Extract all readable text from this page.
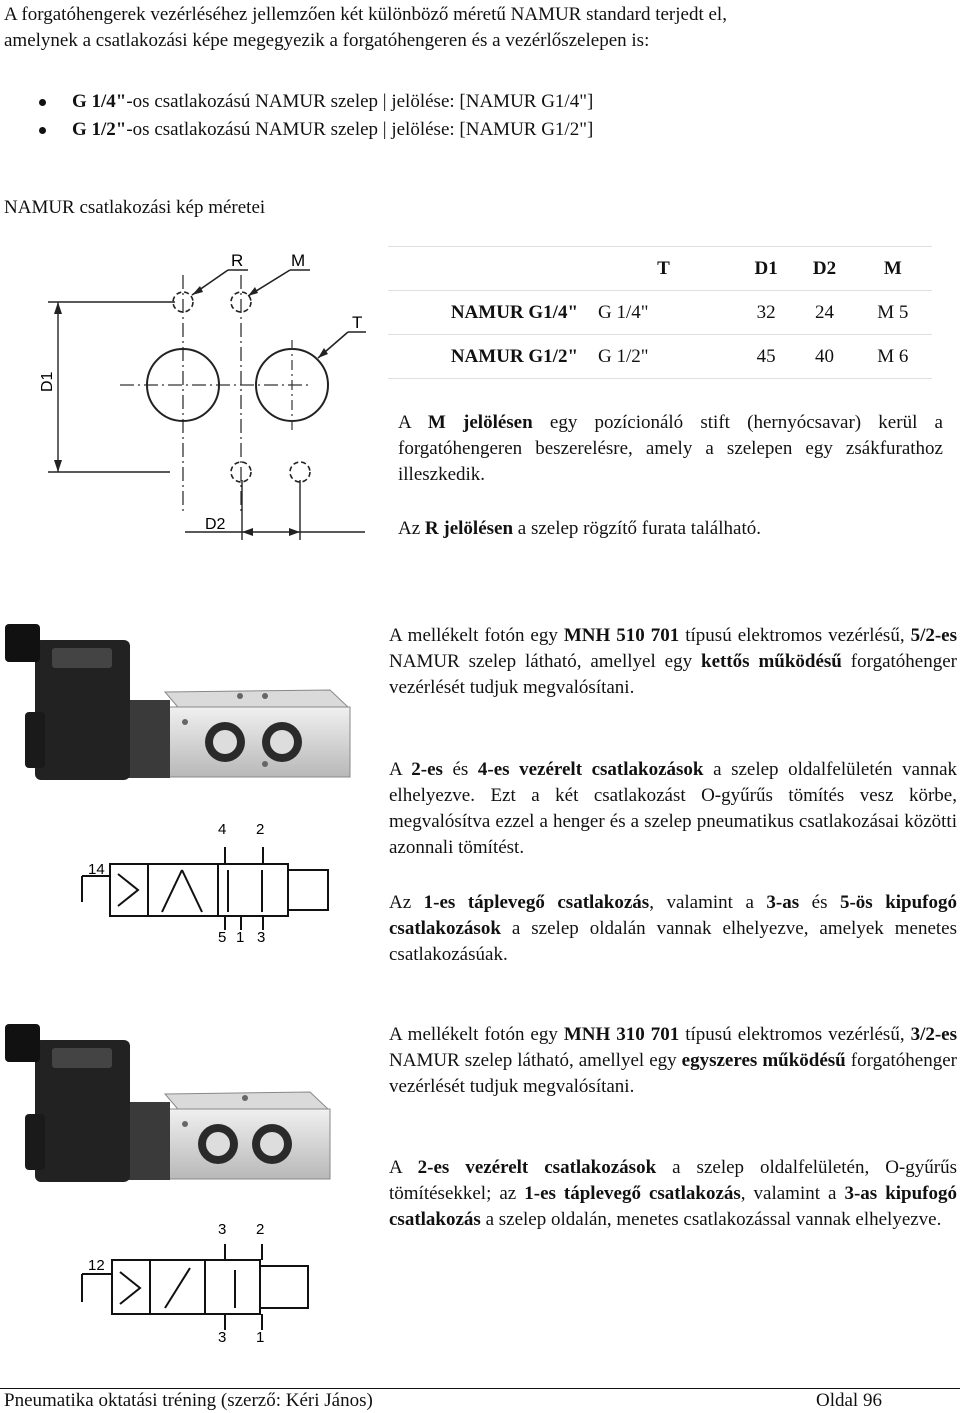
A forgatóhengerek vezérléséhez jellemzően két különböző méretű NAMUR standard terjedt el,
amelynek a csatlakozási képe megegyezik a forgatóhengeren és a vezérlőszelepen is:
G 1/4"-os csatlakozású NAMUR szelep | jelölése: [NAMUR G1/4"]
G 1/2"-os csatlakozású NAMUR szelep | jelölése: [NAMUR G1/2"]
NAMUR csatlakozási kép méretei
R	M
T
D1
D2
	T	D1	D2	M
NAMUR G1/4"	G 1/4"	32	24	M 5
NAMUR G1/2"	G 1/2"	45	40	M 6
A M jelölésen egy pozícionáló stift (hernyócsavar) kerül a forgatóhengeren beszerelésre, amely a szelepen egy zsákfurathoz illeszkedik.
Az R jelölésen a szelep rögzítő furata található.
4 2
14
5 1 3
A mellékelt fotón egy MNH 510 701 típusú elektromos vezérlésű, 5/2-es NAMUR szelep látható, amellyel egy kettős működésű forgatóhenger vezérlését tudjuk megvalósítani.
A 2-es és 4-es vezérelt csatlakozások a szelep oldalfelületén vannak elhelyezve. Ezt a két csatlakozást O-gyűrűs tömítés vesz körbe, megvalósítva ezzel a henger és a szelep pneumatikus csatlakozásai közötti azonnali tömítést.
Az 1-es táplevegő csatlakozás, valamint a 3-as és 5-ös kipufogó csatlakozások a szelep oldalán vannak elhelyezve, amelyek menetes csatlakozásúak.
3 2
12
3 1
A mellékelt fotón egy MNH 310 701 típusú elektromos vezérlésű, 3/2-es NAMUR szelep látható, amellyel egy egyszeres működésű forgatóhenger vezérlését tudjuk megvalósítani.
A 2-es vezérelt csatlakozások a szelep oldalfelületén, O-gyűrűs tömítésekkel; az 1-es táplevegő csatlakozás, valamint a 3-as kipufogó csatlakozás a szelep oldalán, menetes csatlakozással vannak elhelyezve.
Pneumatika oktatási tréning (szerző: Kéri János)	Oldal 96
